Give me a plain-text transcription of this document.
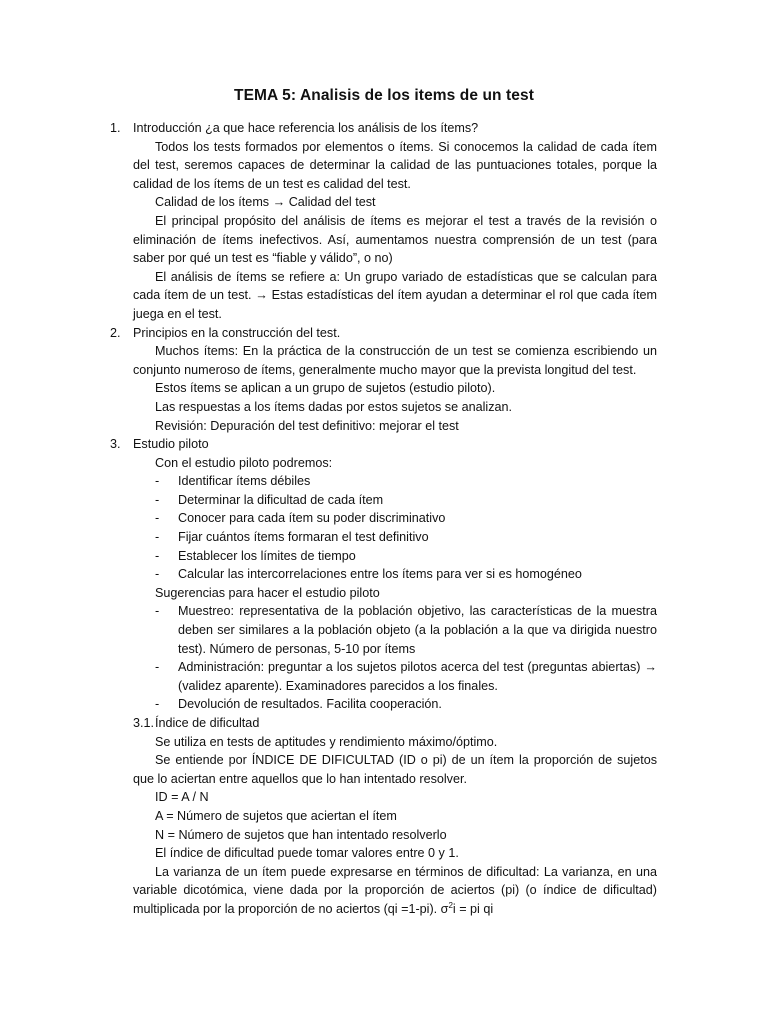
TEMA 5: Analisis de los items de un test
1. Introducción ¿a que hace referencia los análisis de los ítems?

Todos los tests formados por elementos o ítems. Si conocemos la calidad de cada ítem del test, seremos capaces de determinar la calidad de las puntuaciones totales, porque la calidad de los ítems de un test es calidad del test.

Calidad de los ítems → Calidad del test

El principal propósito del análisis de ítems es mejorar el test a través de la revisión o eliminación de ítems inefectivos. Así, aumentamos nuestra comprensión de un test (para saber por qué un test es “fiable y válido”, o no)

El análisis de ítems se refiere a: Un grupo variado de estadísticas que se calculan para cada ítem de un test. → Estas estadísticas del ítem ayudan a determinar el rol que cada ítem juega en el test.

2. Principios en la construcción del test.

Muchos ítems: En la práctica de la construcción de un test se comienza escribiendo un conjunto numeroso de ítems, generalmente mucho mayor que la prevista longitud del test.

Estos ítems se aplican a un grupo de sujetos (estudio piloto).

Las respuestas a los ítems dadas por estos sujetos se analizan.

Revisión: Depuración del test definitivo: mejorar el test

3. Estudio piloto

Con el estudio piloto podremos:

- Identificar ítems débiles
- Determinar la dificultad de cada ítem
- Conocer para cada ítem su poder discriminativo
- Fijar cuántos ítems formaran el test definitivo
- Establecer los límites de tiempo
- Calcular las intercorrelaciones entre los ítems para ver si es homogéneo

Sugerencias para hacer el estudio piloto

- Muestreo: representativa de la población objetivo, las características de la muestra deben ser similares a la población objeto (a la población a la que va dirigida nuestro test). Número de personas, 5-10 por ítems
- Administración: preguntar a los sujetos pilotos acerca del test (preguntas abiertas) → (validez aparente). Examinadores parecidos a los finales.
- Devolución de resultados. Facilita cooperación.
3.1. Índice de dificultad

Se utiliza en tests de aptitudes y rendimiento máximo/óptimo.

Se entiende por ÍNDICE DE DIFICULTAD (ID o pi) de un ítem la proporción de sujetos que lo aciertan entre aquellos que lo han intentado resolver.

ID = A / N

A = Número de sujetos que aciertan el ítem

N = Número de sujetos que han intentado resolverlo

El índice de dificultad puede tomar valores entre 0 y 1.

La varianza de un ítem puede expresarse en términos de dificultad: La varianza, en una variable dicotómica, viene dada por la proporción de aciertos (pi) (o índice de dificultad) multiplicada por la proporción de no aciertos (qi =1-pi). $\sigma^2i$ = pi qi
